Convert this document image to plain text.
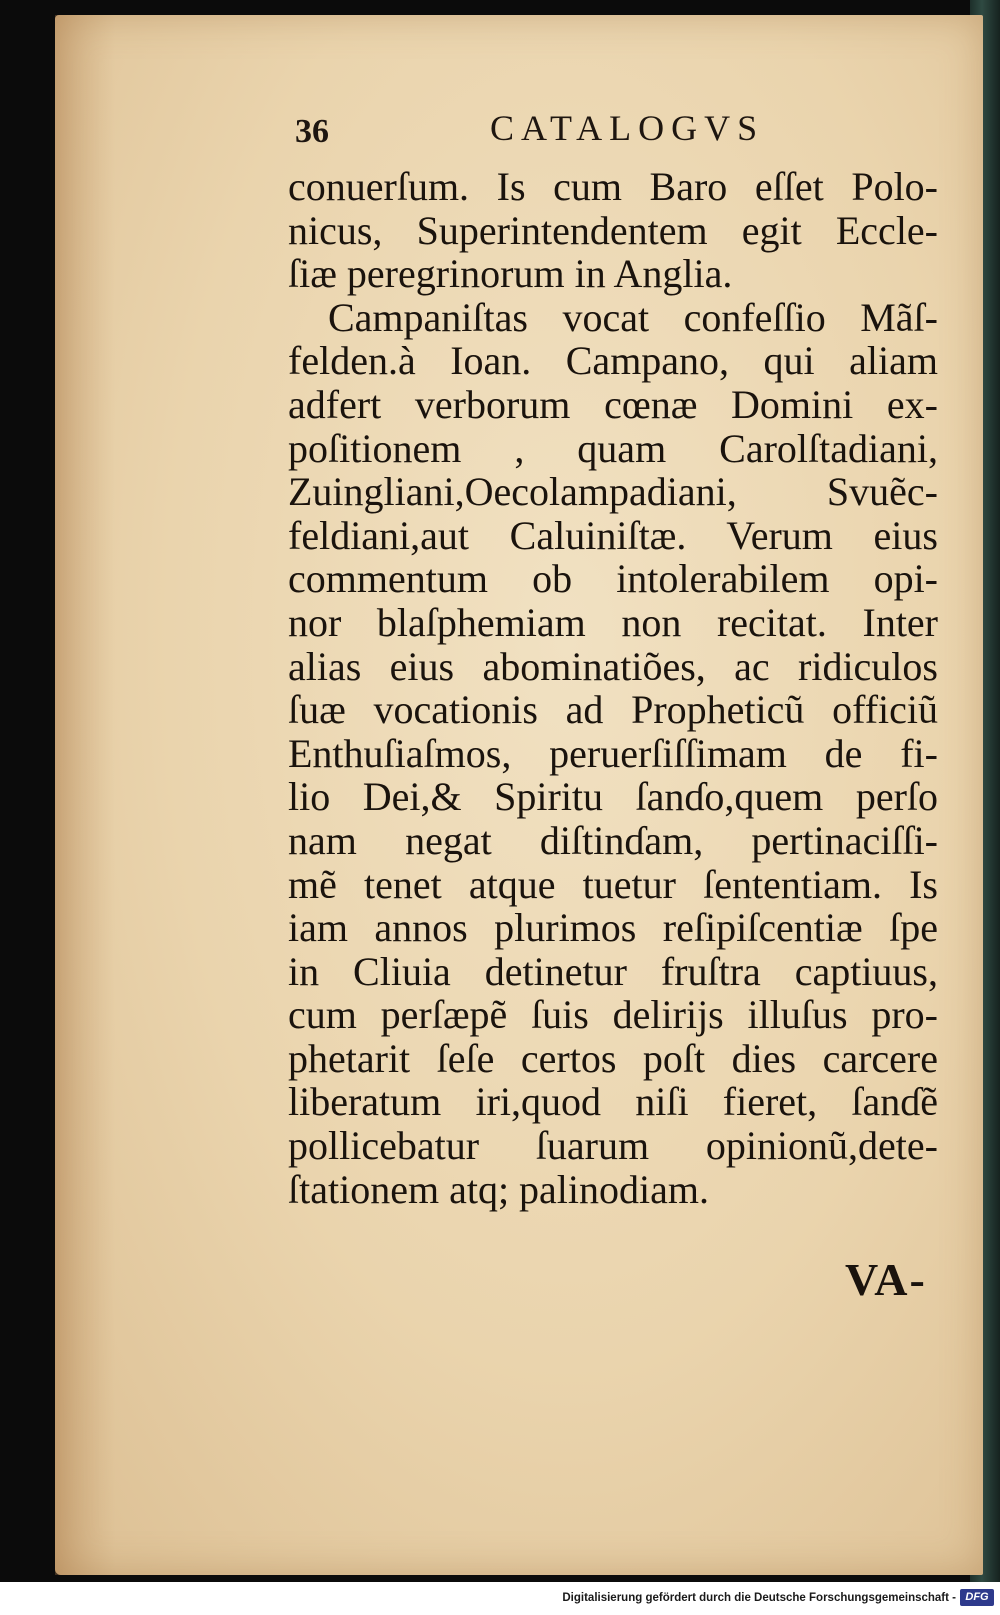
36	CATALOGVS
conuerſum. Is cum Baro eſſet Polo-
nicus, Superintendentem egit Eccle-
ſiæ peregrinorum in Anglia.
Campaniſtas vocat confeſſio Mãſ-
felden.à Ioan. Campano, qui aliam
adfert verborum cœnæ Domini ex-
poſitionem , quam Carolſtadiani,
Zuingliani,Oecolampadiani, Svuẽc-
feldiani,aut Caluiniſtæ. Verum eius
commentum ob intolerabilem opi-
nor blaſphemiam non recitat. Inter
alias eius abominatiões, ac ridiculos
ſuæ vocationis ad Propheticũ officiũ
Enthuſiaſmos, peruerſiſſimam de fi-
lio Dei,& Spiritu ſanɗo,quem perſo
nam negat diſtinɗam, pertinaciſſi-
mẽ tenet atque tuetur ſententiam. Is
iam annos plurimos reſipiſcentiæ ſpe
in Cliuia detinetur fruſtra captiuus,
cum perſæpẽ ſuis delirijs illuſus pro-
phetarit ſeſe certos poſt dies carcere
liberatum iri,quod niſi fieret, ſanɗẽ
pollicebatur ſuarum opinionũ,dete-
ſtationem atq; palinodiam.
VA-
Digitalisierung gefördert durch die Deutsche Forschungsgemeinschaft - DFG
